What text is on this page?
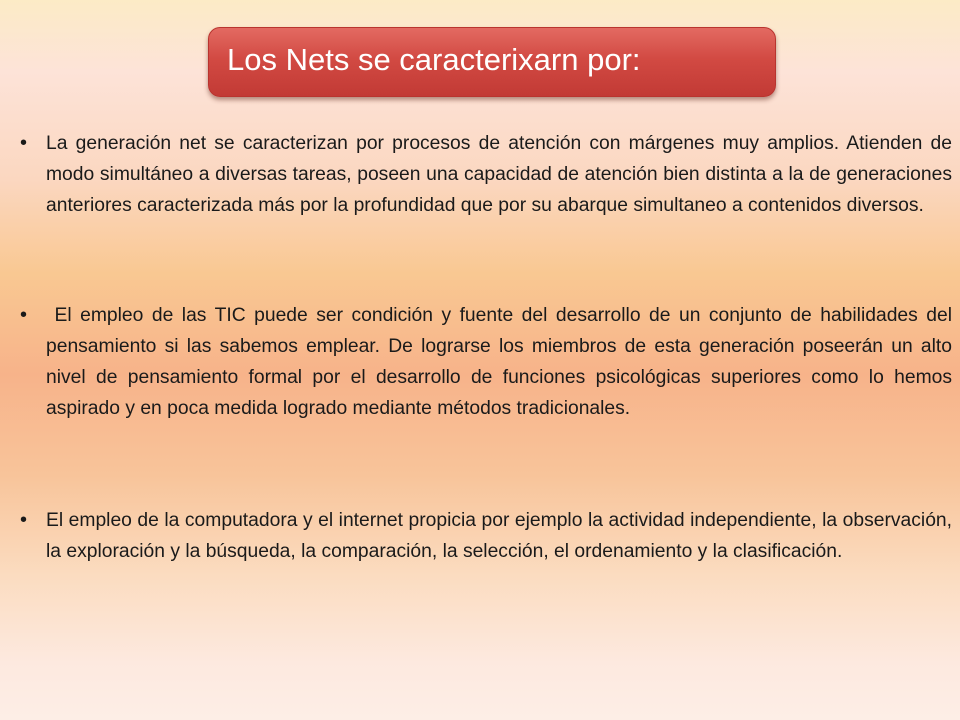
Los Nets se caracterixarn por:
• La generación net se caracterizan por procesos de atención con márgenes muy amplios. Atienden de modo simultáneo a diversas tareas, poseen una capacidad de atención bien distinta a la de generaciones anteriores caracterizada más por la profundidad que por su abarque simultaneo a contenidos diversos.

• El empleo de las TIC puede ser condición y fuente del desarrollo de un conjunto de habilidades del pensamiento si las sabemos emplear. De lograrse los miembros de esta generación poseerán un alto nivel de pensamiento formal por el desarrollo de funciones psicológicas superiores como lo hemos aspirado y en poca medida logrado mediante métodos tradicionales.

• El empleo de la computadora y el internet propicia por ejemplo la actividad independiente, la observación, la exploración y la búsqueda, la comparación, la selección, el ordenamiento y la clasificación.
